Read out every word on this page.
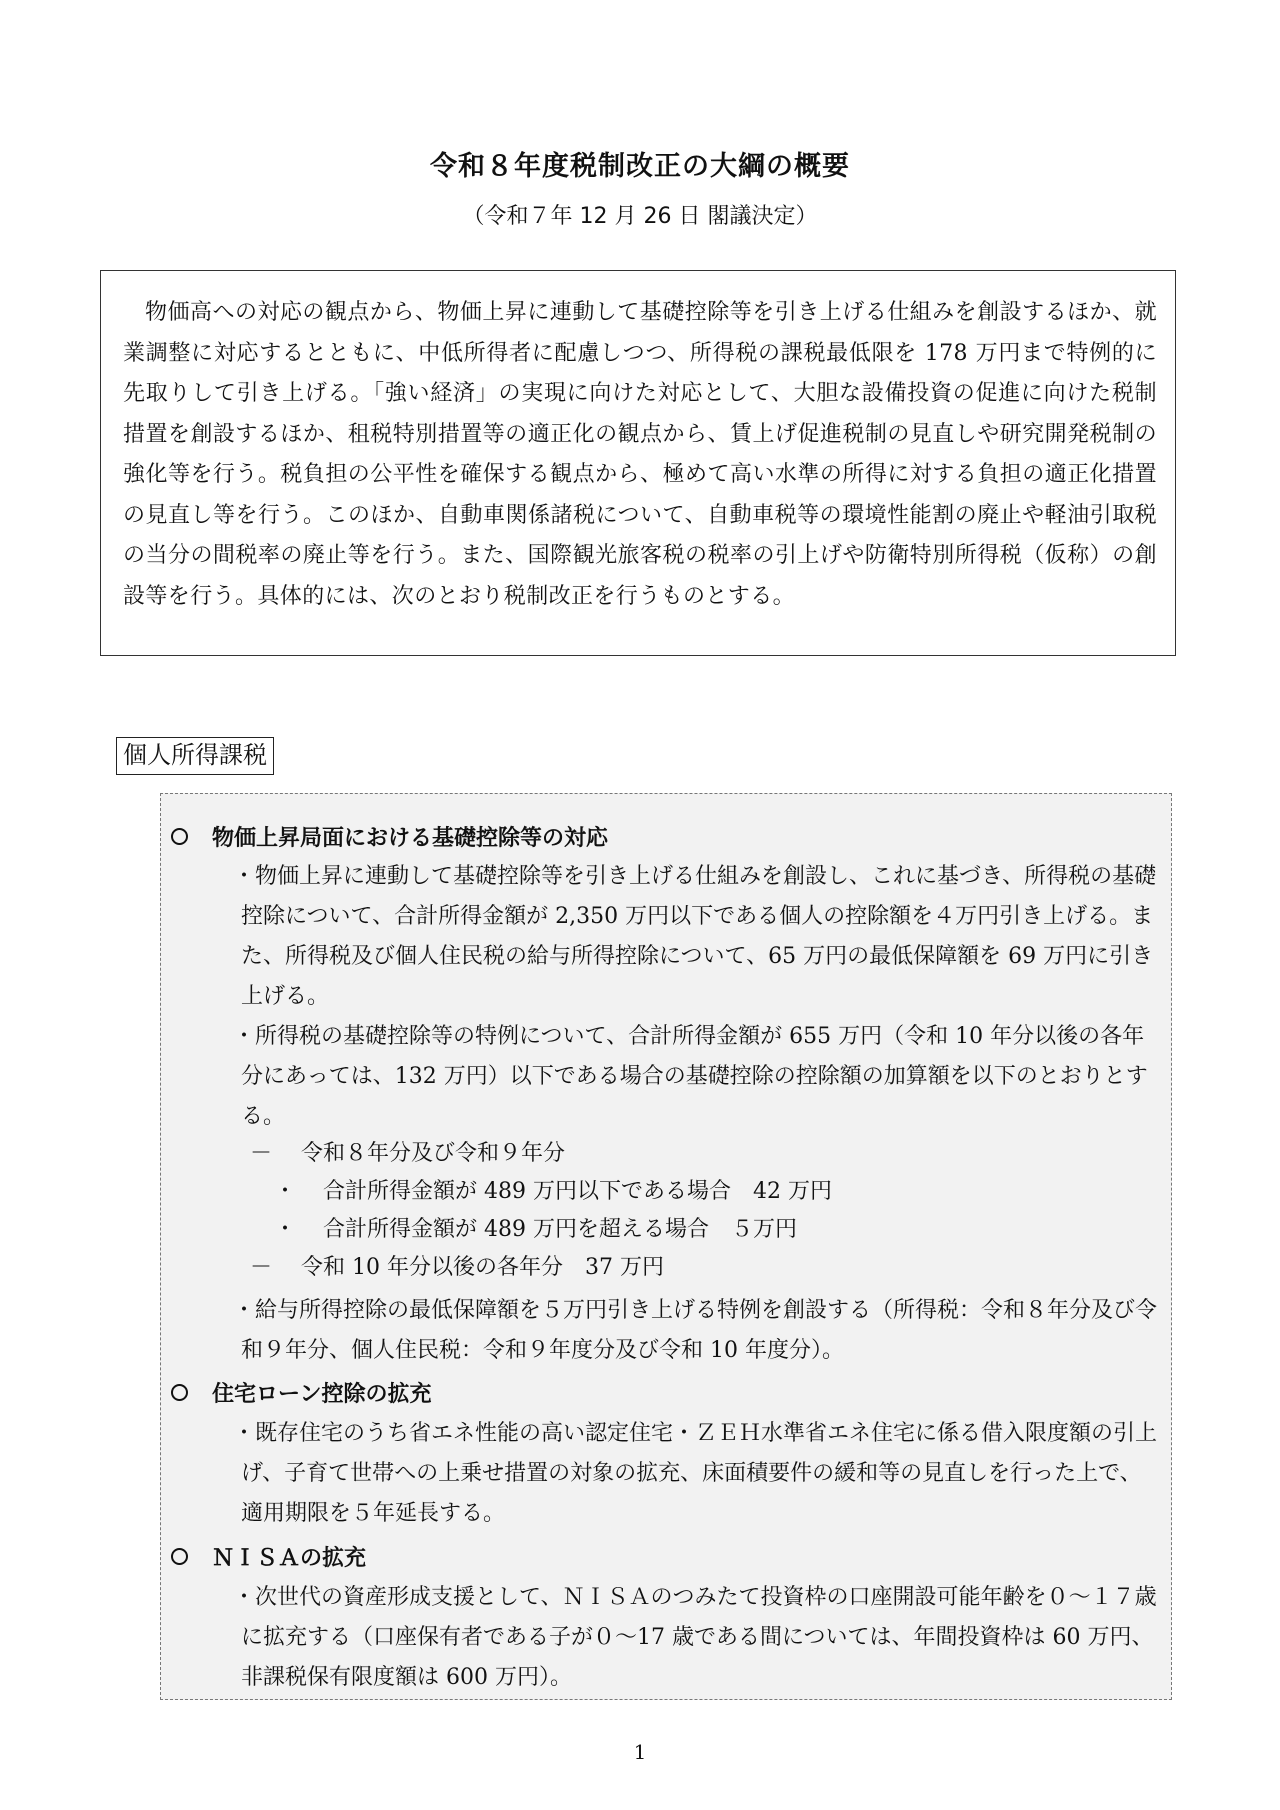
令和８年度税制改正の大綱の概要
（令和７年 12 月 26 日 閣議決定）

物価高への対応の観点から、物価上昇に連動して基礎控除等を引き上げる仕組みを創設するほか、就業調整に対応するとともに、中低所得者に配慮しつつ、所得税の課税最低限を 178 万円まで特例的に先取りして引き上げる。「強い経済」の実現に向けた対応として、大胆な設備投資の促進に向けた税制措置を創設するほか、租税特別措置等の適正化の観点から、賃上げ促進税制の見直しや研究開発税制の強化等を行う。税負担の公平性を確保する観点から、極めて高い水準の所得に対する負担の適正化措置の見直し等を行う。このほか、自動車関係諸税について、自動車税等の環境性能割の廃止や軽油引取税の当分の間税率の廃止等を行う。また、国際観光旅客税の税率の引上げや防衛特別所得税（仮称）の創設等を行う。具体的には、次のとおり税制改正を行うものとする。

個人所得課税
物価上昇局面における基礎控除等の対応
・ 物価上昇に連動して基礎控除等を引き上げる仕組みを創設し、これに基づき、所得税の基礎控除について、合計所得金額が 2,350 万円以下である個人の控除額を４万円引き上げる。また、所得税及び個人住民税の給与所得控除について、65 万円の最低保障額を 69 万円に引き上げる。

・ 所得税の基礎控除等の特例について、合計所得金額が 655 万円（令和 10 年分以後の各年分にあっては、132 万円）以下である場合の基礎控除の控除額の加算額を以下のとおりとする。

－ 令和８年分及び令和９年分
・ 合計所得金額が 489 万円以下である場合　42 万円
・ 合計所得金額が 489 万円を超える場合　５万円
－ 令和 10 年分以後の各年分　37 万円
・ 給与所得控除の最低保障額を５万円引き上げる特例を創設する（所得税：令和８年分及び令和９年分、個人住民税：令和９年度分及び令和 10 年度分）。

住宅ローン控除の拡充
・ 既存住宅のうち省エネ性能の高い認定住宅・ＺＥＨ水準省エネ住宅に係る借入限度額の引上げ、子育て世帯への上乗せ措置の対象の拡充、床面積要件の緩和等の見直しを行った上で、適用期限を５年延長する。

ＮＩＳＡの拡充
・ 次世代の資産形成支援として、ＮＩＳＡのつみたて投資枠の口座開設可能年齢を０～１７歳に拡充する（口座保有者である子が０～17 歳である間については、年間投資枠は 60 万円、非課税保有限度額は 600 万円）。

1
